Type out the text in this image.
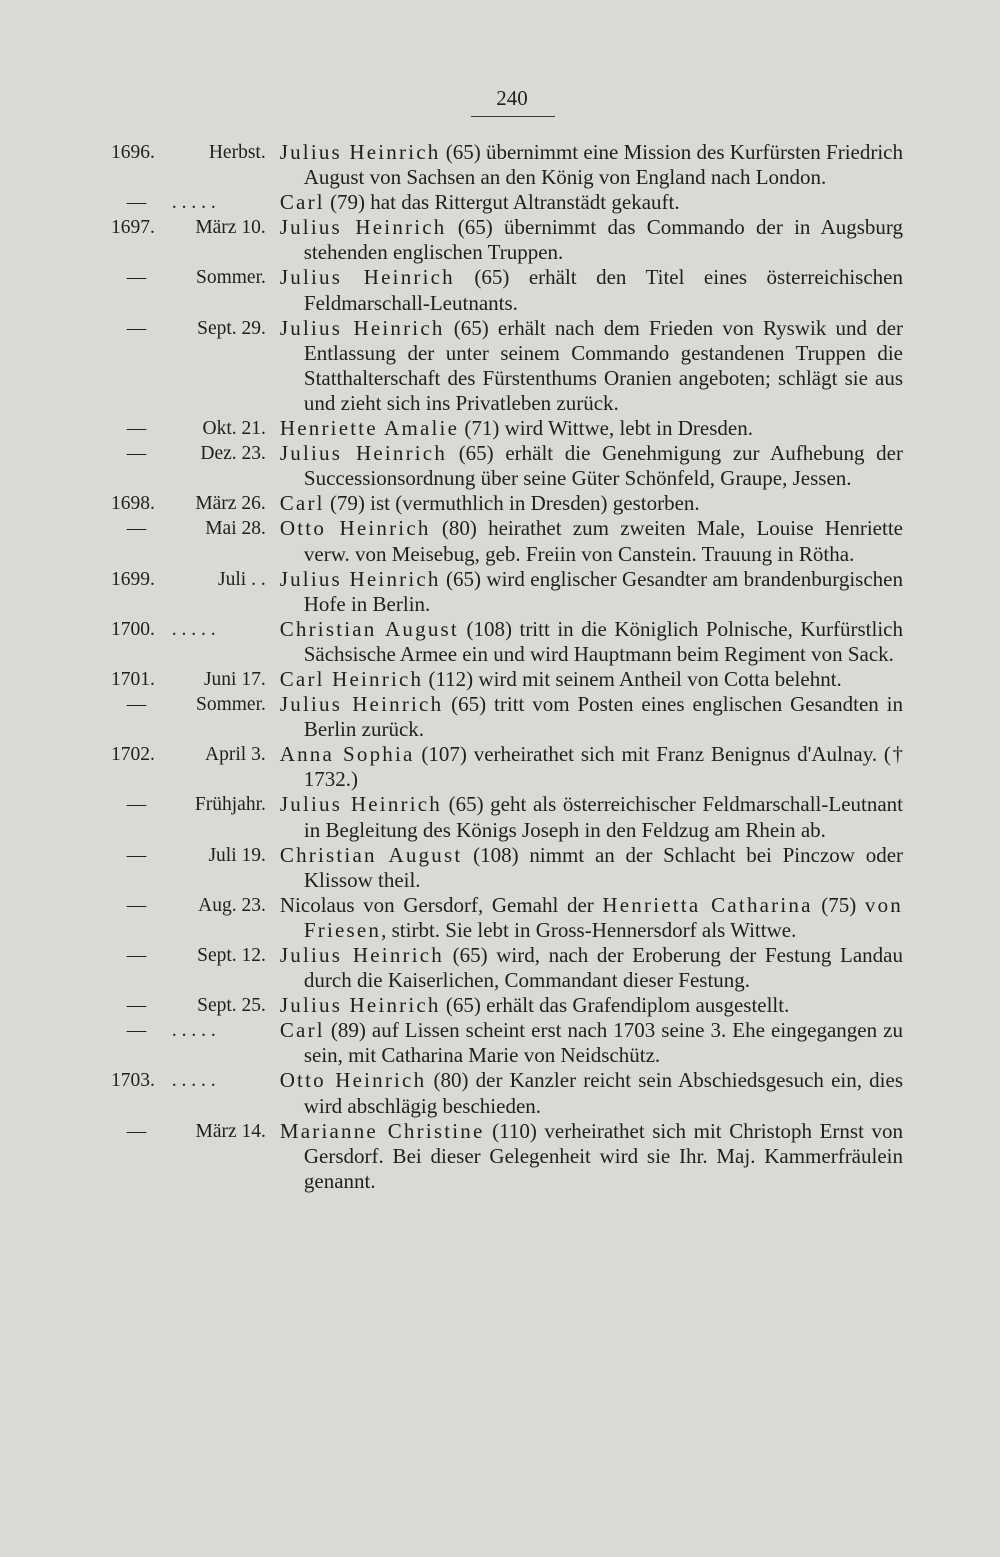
240
1696.	Herbst. Julius Heinrich (65) übernimmt eine Mission des Kurfürsten Friedrich August von Sachsen an den König von England nach London.
—	. . . . .	Carl (79) hat das Rittergut Altranstädt gekauft.
1697.	März 10. Julius Heinrich (65) übernimmt das Commando der in Augsburg stehenden englischen Truppen.
—	Sommer. Julius Heinrich (65) erhält den Titel eines österreichischen Feldmarschall-Leutnants.
—	Sept. 29. Julius Heinrich (65) erhält nach dem Frieden von Ryswik und der Entlassung der unter seinem Commando gestandenen Truppen die Statthalterschaft des Fürstenthums Oranien angeboten; schlägt sie aus und zieht sich ins Privatleben zurück.
—	Okt. 21. Henriette Amalie (71) wird Wittwe, lebt in Dresden.
—	Dez. 23. Julius Heinrich (65) erhält die Genehmigung zur Aufhebung der Successionsordnung über seine Güter Schönfeld, Graupe, Jessen.
1698.	März 26. Carl (79) ist (vermuthlich in Dresden) gestorben.
—	Mai 28. Otto Heinrich (80) heirathet zum zweiten Male, Louise Henriette verw. von Meisebug, geb. Freiin von Canstein. Trauung in Rötha.
1699.	Juli . . Julius Heinrich (65) wird englischer Gesandter am brandenburgischen Hofe in Berlin.
1700. . . . . .	Christian August (108) tritt in die Königlich Polnische, Kurfürstlich Sächsische Armee ein und wird Hauptmann beim Regiment von Sack.
1701.	Juni 17. Carl Heinrich (112) wird mit seinem Antheil von Cotta belehnt.
—	Sommer. Julius Heinrich (65) tritt vom Posten eines englischen Gesandten in Berlin zurück.
1702.	April 3. Anna Sophia (107) verheirathet sich mit Franz Benignus d'Aulnay. († 1732.)
—	Frühjahr. Julius Heinrich (65) geht als österreichischer Feldmarschall-Leutnant in Begleitung des Königs Joseph in den Feldzug am Rhein ab.
—	Juli 19. Christian August (108) nimmt an der Schlacht bei Pinczow oder Klissow theil.
—	Aug. 23. Nicolaus von Gersdorf, Gemahl der Henrietta Catharina (75) von Friesen, stirbt. Sie lebt in Gross-Hennersdorf als Wittwe.
—	Sept. 12. Julius Heinrich (65) wird, nach der Eroberung der Festung Landau durch die Kaiserlichen, Commandant dieser Festung.
—	Sept. 25. Julius Heinrich (65) erhält das Grafendiplom ausgestellt.
—	. . . . .	Carl (89) auf Lissen scheint erst nach 1703 seine 3. Ehe eingegangen zu sein, mit Catharina Marie von Neidschütz.
1703. . . . . .	Otto Heinrich (80) der Kanzler reicht sein Abschiedsgesuch ein, dies wird abschlägig beschieden.
—	März 14. Marianne Christine (110) verheirathet sich mit Christoph Ernst von Gersdorf. Bei dieser Gelegenheit wird sie Ihr. Maj. Kammerfräulein genannt.
